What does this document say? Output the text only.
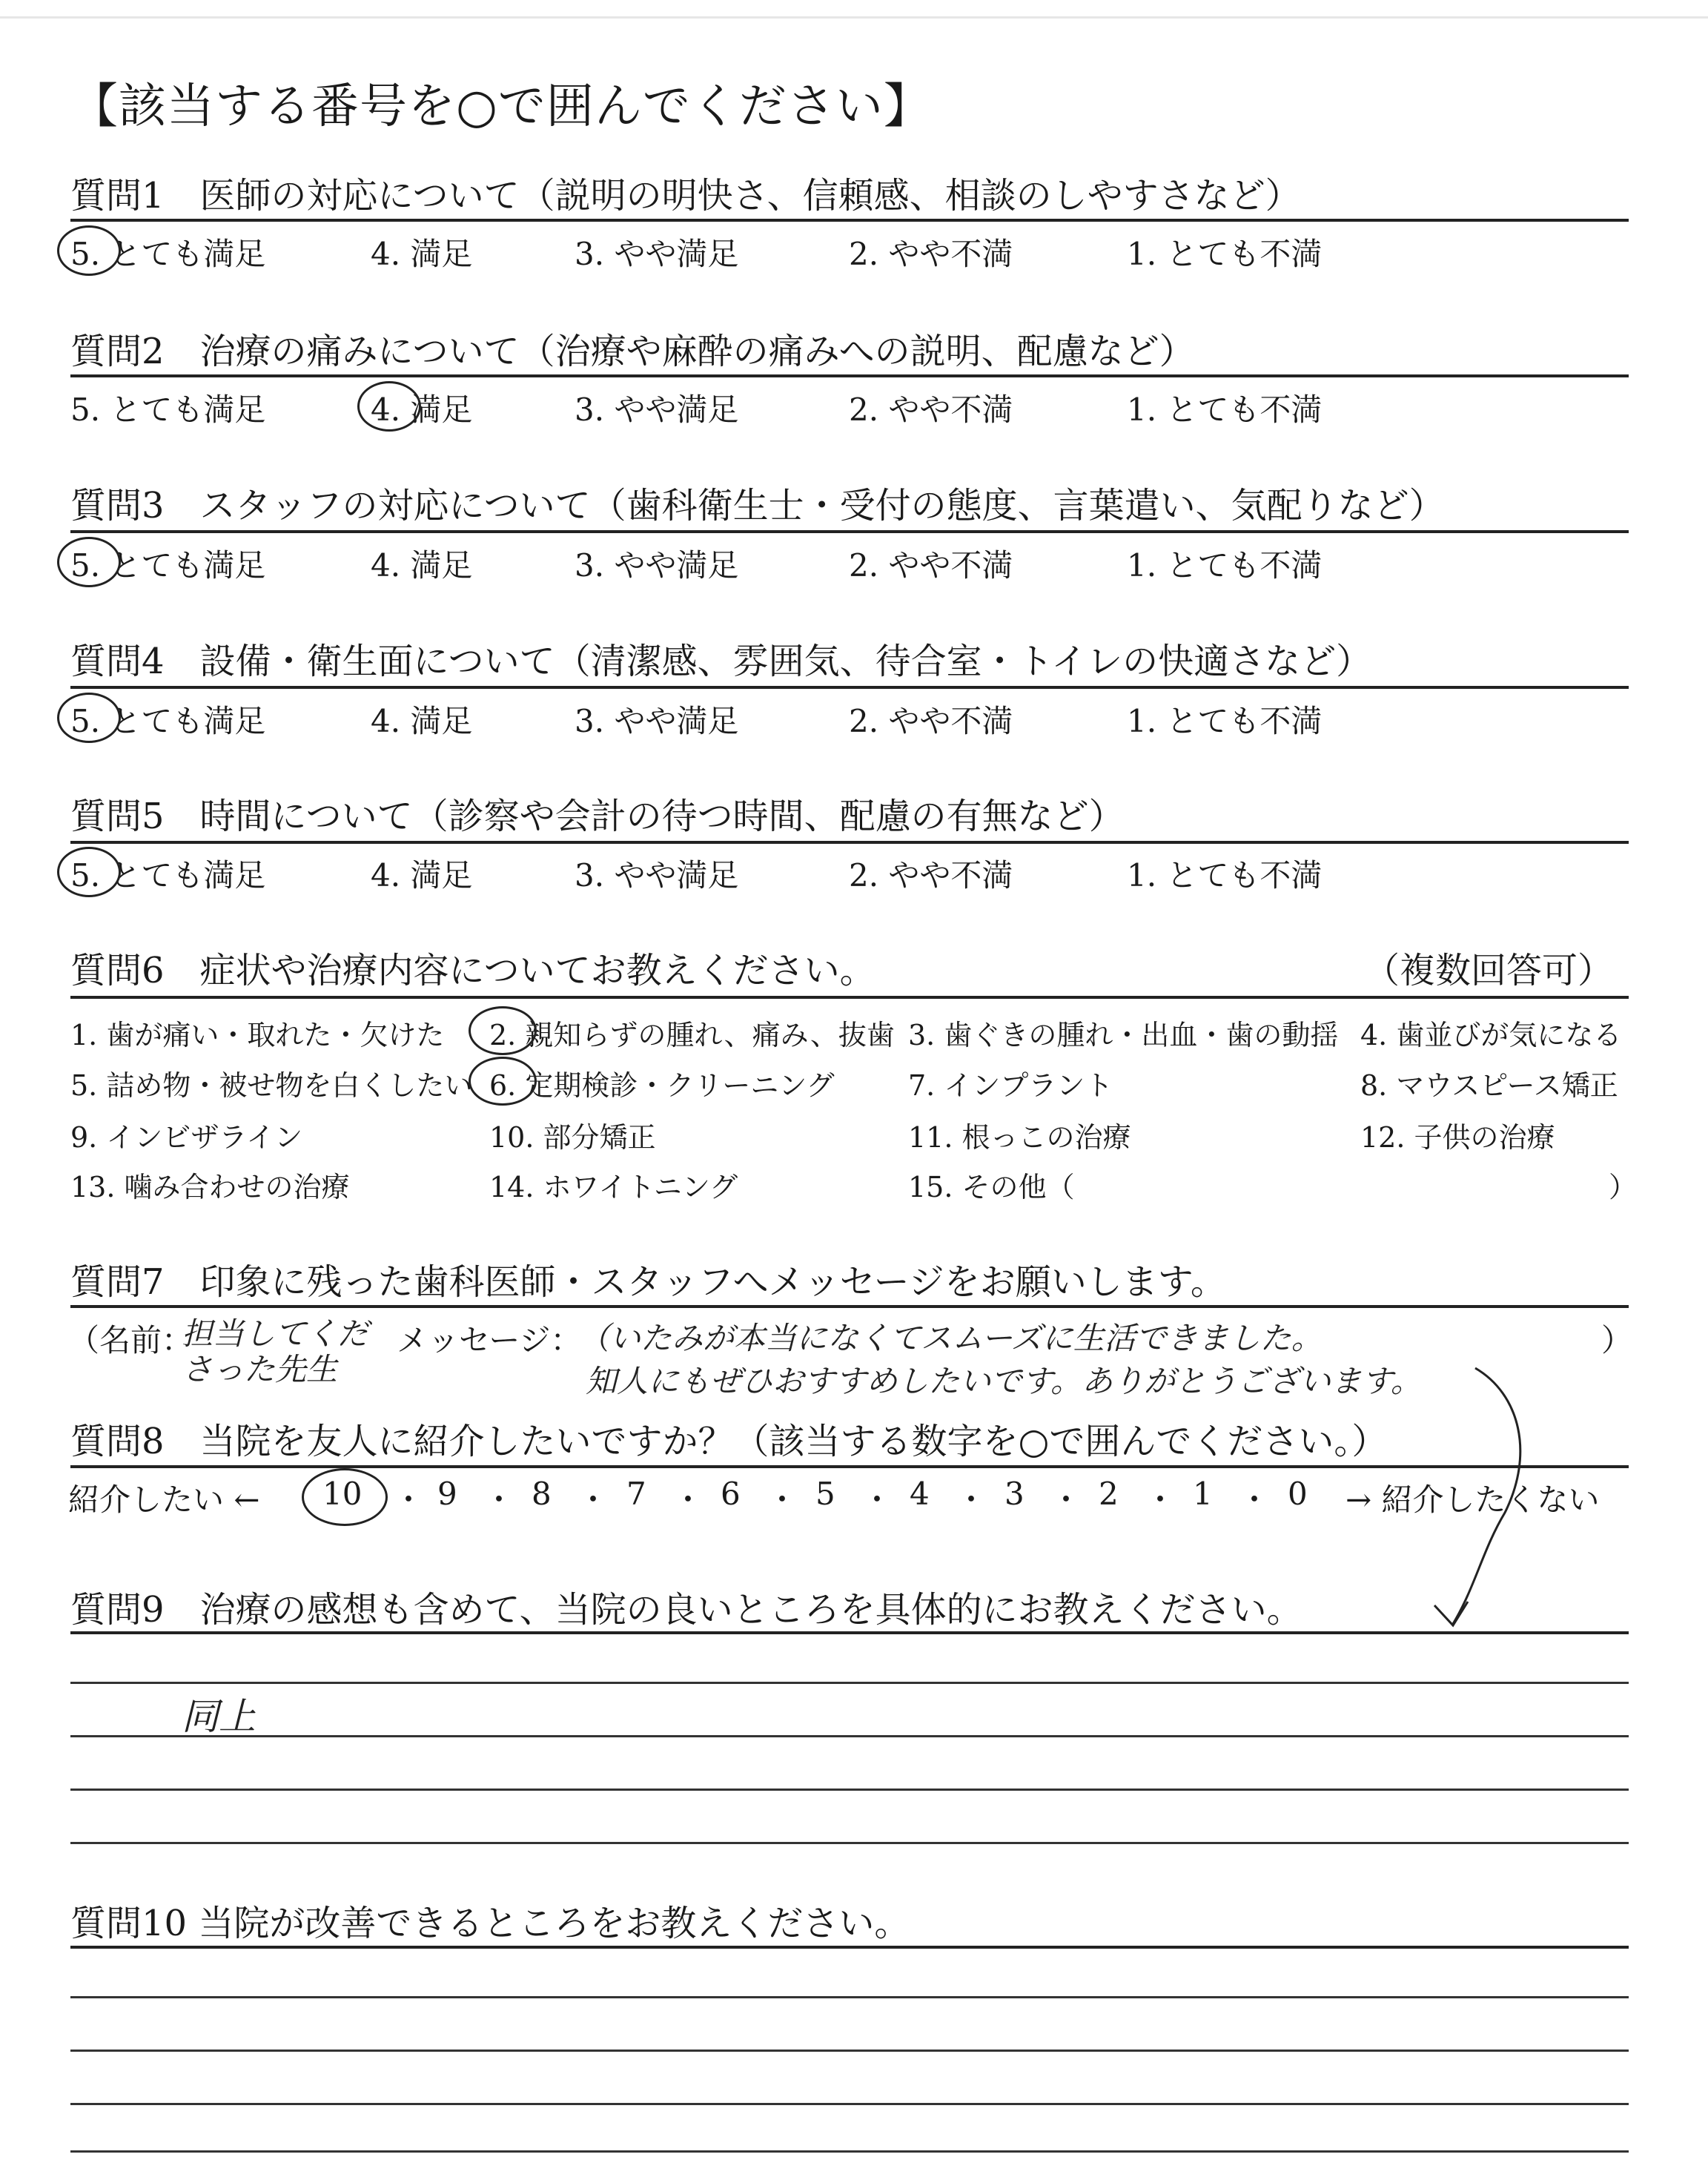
【該当する番号を○で囲んでください】
質問1　医師の対応について（説明の明快さ、信頼感、相談のしやすさなど）
質問2　治療の痛みについて（治療や麻酔の痛みへの説明、配慮など）
質問3　スタッフの対応について（歯科衛生士・受付の態度、言葉遣い、気配りなど）
質問4　設備・衛生面について（清潔感、雰囲気、待合室・トイレの快適さなど）
質問5　時間について（診察や会計の待つ時間、配慮の有無など）
5. とても満足	4. 満足	3. やや満足	2. やや不満	1. とても不満
5. とても満足	4. 満足	3. やや満足	2. やや不満	1. とても不満
5. とても満足	4. 満足	3. やや満足	2. やや不満	1. とても不満
5. とても満足	4. 満足	3. やや満足	2. やや不満	1. とても不満
5. とても満足	4. 満足	3. やや満足	2. やや不満	1. とても不満
質問6　症状や治療内容についてお教えください。	（複数回答可）
1. 歯が痛い・取れた・欠けた 2. 親知らずの腫れ、痛み、抜歯 3. 歯ぐきの腫れ・出血・歯の動揺 4. 歯並びが気になる
5. 詰め物・被せ物を白くしたい 6. 定期検診・クリーニング	7. インプラント	8. マウスピース矯正
9. インビザライン	10. 部分矯正	11. 根っこの治療	12. 子供の治療
13. 噛み合わせの治療	14. ホワイトニング	15. その他（	）
質問7　印象に残った歯科医師・スタッフへメッセージをお願いします。
（名前：
担当してくださった先生
メッセージ：
（いたみが本当になくてスムーズに生活できました。
知人にもぜひおすすめしたいです。ありがとうございます。
）
質問8　当院を友人に紹介したいですか？（該当する数字を○で囲んでください。）
紹介したい ←	→ 紹介したくない
10 ・ 9 ・ 8 ・ 7 ・ 6 ・ 5 ・ 4 ・ 3 ・ 2 ・ 1 ・ 0
質問9　治療の感想も含めて、当院の良いところを具体的にお教えください。
同上
質問10 当院が改善できるところをお教えください。
